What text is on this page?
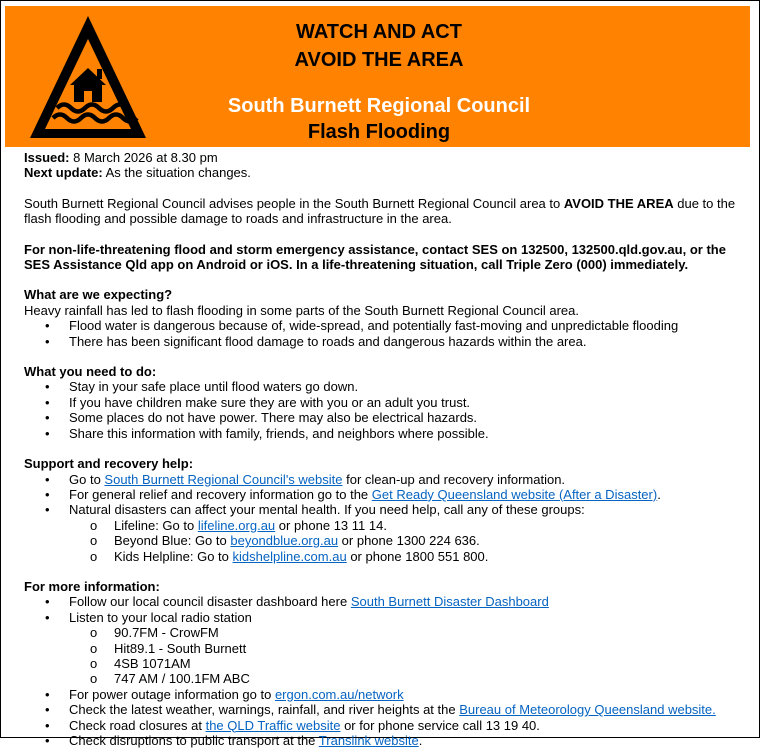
WATCH AND ACT
AVOID THE AREA
South Burnett Regional Council
Flash Flooding

Issued: 8 March 2026 at 8.30 pm

Next update: As the situation changes.

South Burnett Regional Council advises people in the South Burnett Regional Council area to AVOID THE AREA due to the flash flooding and possible damage to roads and infrastructure in the area.

For non-life-threatening flood and storm emergency assistance, contact SES on 132500, 132500.qld.gov.au, or the SES Assistance Qld app on Android or iOS. In a life-threatening situation, call Triple Zero (000) immediately.

What are we expecting?

Heavy rainfall has led to flash flooding in some parts of the South Burnett Regional Council area.

• Flood water is dangerous because of, wide-spread, and potentially fast-moving and unpredictable flooding
• There has been significant flood damage to roads and dangerous hazards within the area.

What you need to do:

• Stay in your safe place until flood waters go down.
• If you have children make sure they are with you or an adult you trust.
• Some places do not have power. There may also be electrical hazards.
• Share this information with family, friends, and neighbors where possible.

Support and recovery help:

• Go to South Burnett Regional Council's website for clean-up and recovery information.
• For general relief and recovery information go to the Get Ready Queensland website (After a Disaster).
• Natural disasters can affect your mental health. If you need help, call any of these groups:
o Lifeline: Go to lifeline.org.au or phone 13 11 14.
o Beyond Blue: Go to beyondblue.org.au or phone 1300 224 636.
o Kids Helpline: Go to kidshelpline.com.au or phone 1800 551 800.

For more information:

• Follow our local council disaster dashboard here South Burnett Disaster Dashboard
• Listen to your local radio station
o 90.7FM - CrowFM
o Hit89.1 - South Burnett
o 4SB 1071AM
o 747 AM / 100.1FM ABC
• For power outage information go to ergon.com.au/network
• Check the latest weather, warnings, rainfall, and river heights at the Bureau of Meteorology Queensland website.
• Check road closures at the QLD Traffic website or for phone service call 13 19 40.
• Check disruptions to public transport at the Translink website.
